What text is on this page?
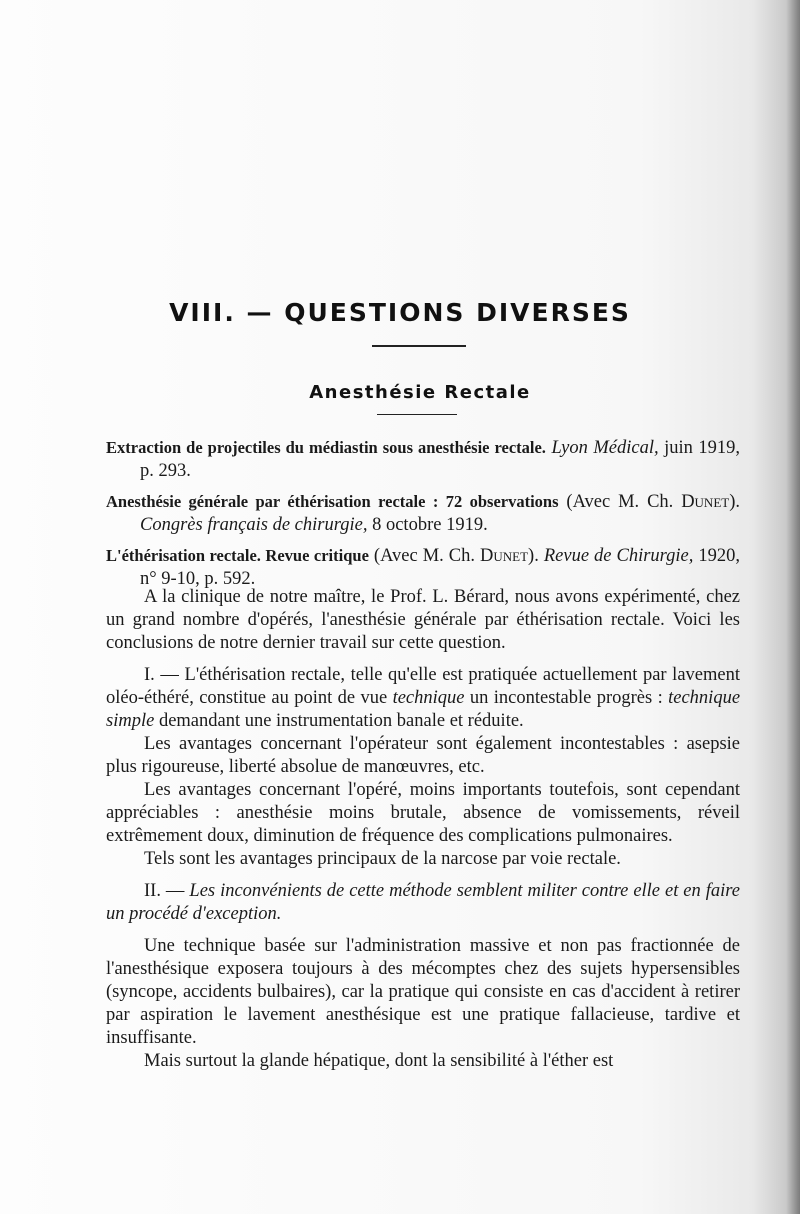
VIII. — QUESTIONS DIVERSES
Anesthésie Rectale
Extraction de projectiles du médiastin sous anesthésie rectale. Lyon Médical, juin 1919, p. 293.
Anesthésie générale par éthérisation rectale : 72 observations (Avec M. Ch. Dunet). Congrès français de chirurgie, 8 octobre 1919.
L'éthérisation rectale. Revue critique (Avec M. Ch. Dunet). Revue de Chirurgie, 1920, n° 9-10, p. 592.

A la clinique de notre maître, le Prof. L. Bérard, nous avons expérimenté, chez un grand nombre d'opérés, l'anesthésie générale par éthérisation rectale. Voici les conclusions de notre dernier travail sur cette question.

I. — L'éthérisation rectale, telle qu'elle est pratiquée actuellement par lavement oléo-éthéré, constitue au point de vue technique un incontestable progrès : technique simple demandant une instrumentation banale et réduite.

Les avantages concernant l'opérateur sont également incontestables : asepsie plus rigoureuse, liberté absolue de manœuvres, etc.

Les avantages concernant l'opéré, moins importants toutefois, sont cependant appréciables : anesthésie moins brutale, absence de vomissements, réveil extrêmement doux, diminution de fréquence des complications pulmonaires.

Tels sont les avantages principaux de la narcose par voie rectale.

II. — Les inconvénients de cette méthode semblent militer contre elle et en faire un procédé d'exception.

Une technique basée sur l'administration massive et non pas fractionnée de l'anesthésique exposera toujours à des mécomptes chez des sujets hypersensibles (syncope, accidents bulbaires), car la pratique qui consiste en cas d'accident à retirer par aspiration le lavement anesthésique est une pratique fallacieuse, tardive et insuffisante.

Mais surtout la glande hépatique, dont la sensibilité à l'éther est
